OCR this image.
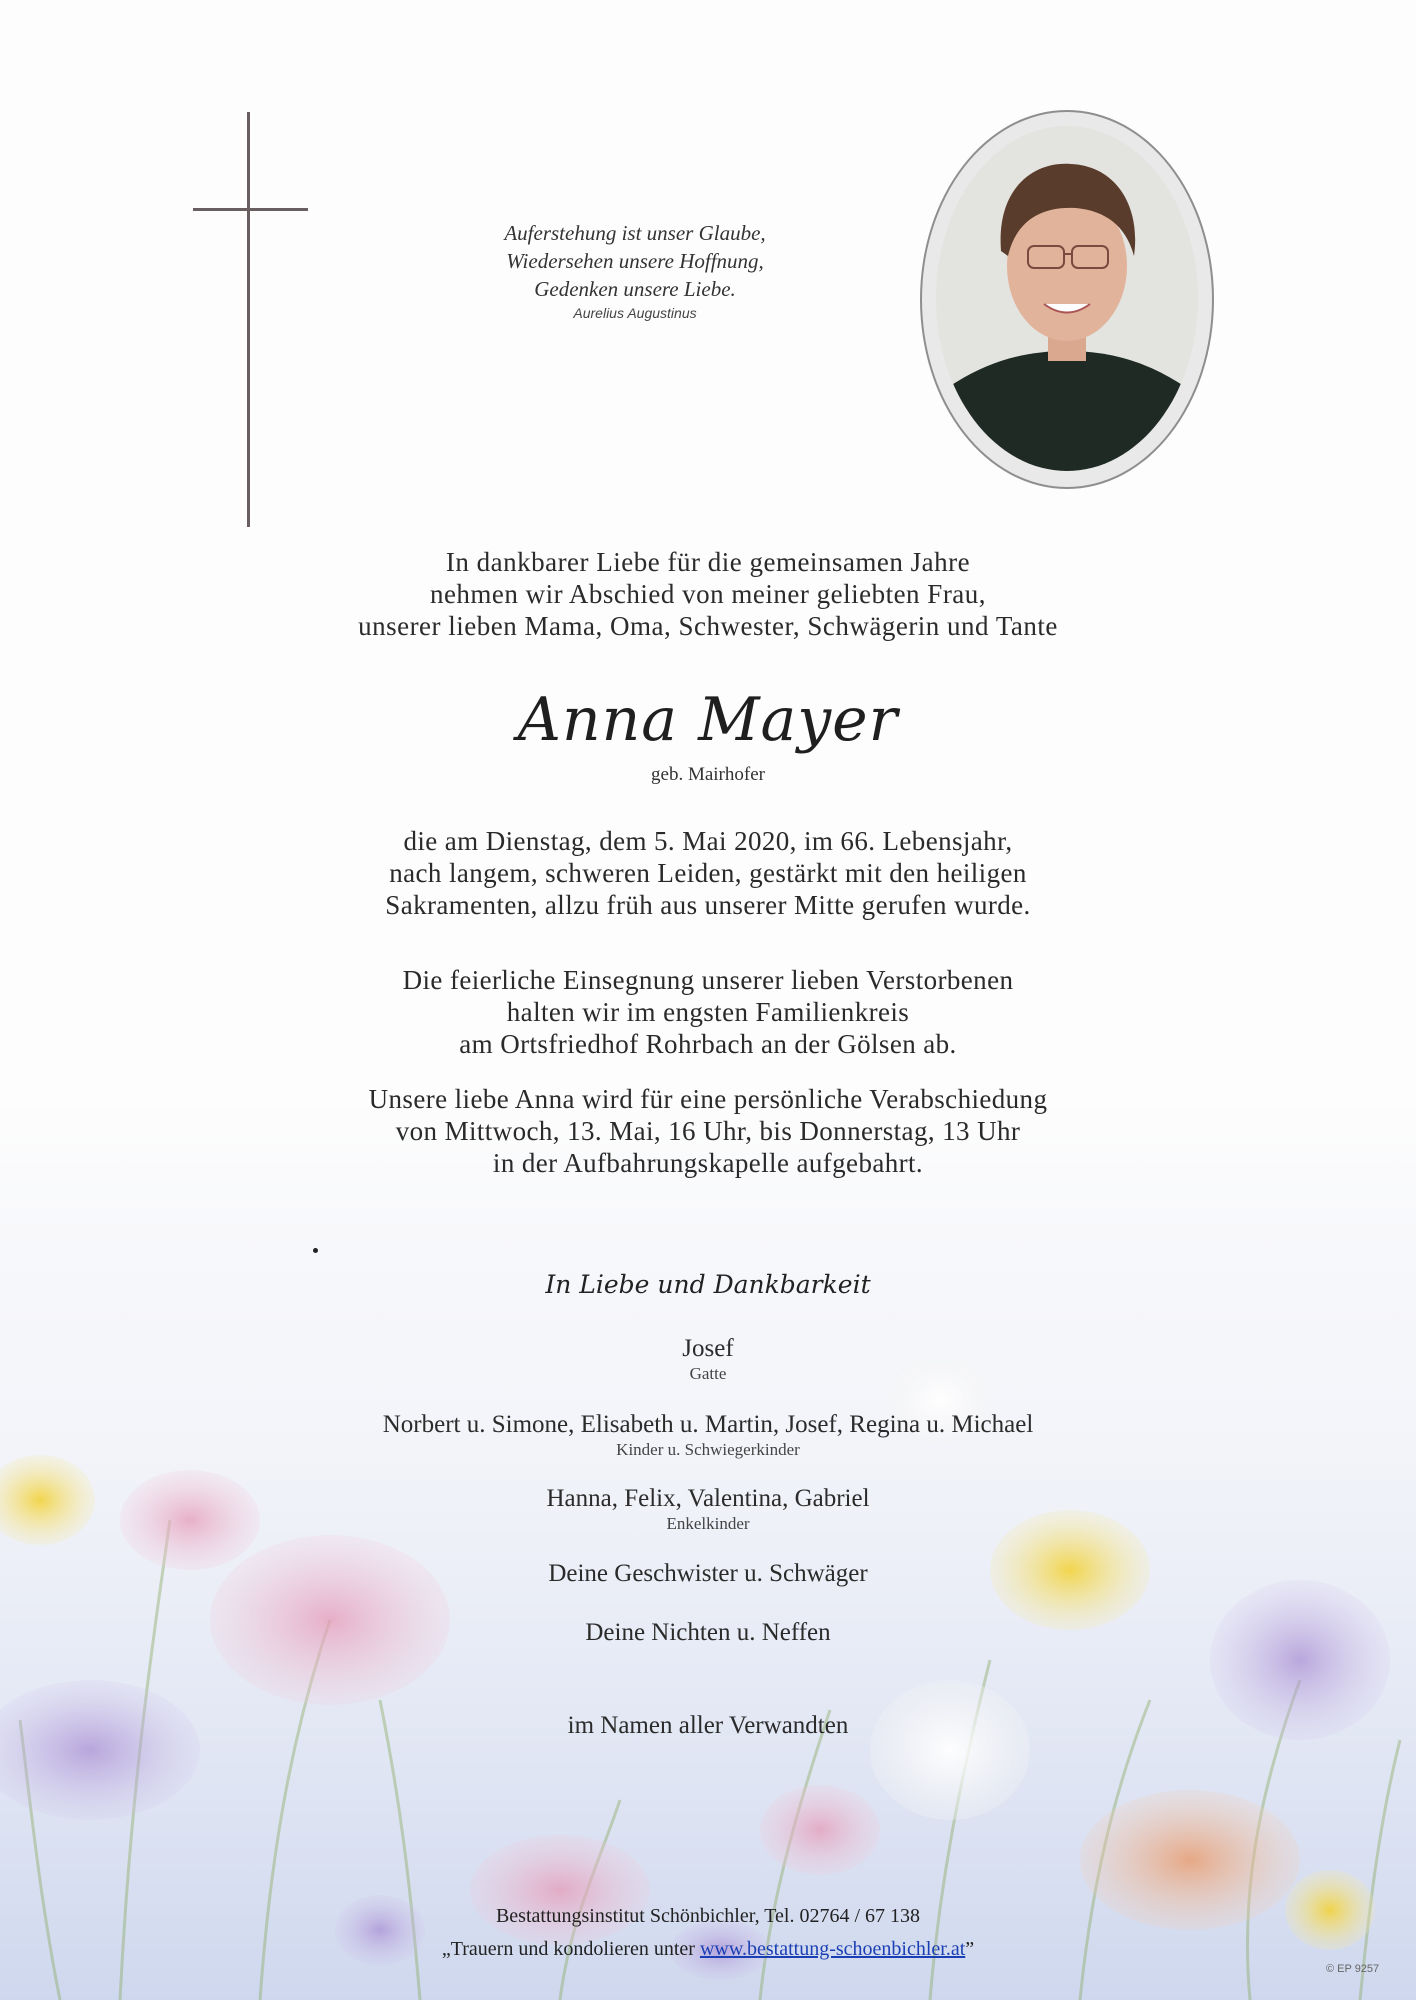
Auferstehung ist unser Glaube,
Wiedersehen unsere Hoffnung,
Gedenken unsere Liebe.
Aurelius Augustinus
In dankbarer Liebe für die gemeinsamen Jahre
nehmen wir Abschied von meiner geliebten Frau,
unserer lieben Mama, Oma, Schwester, Schwägerin und Tante
Anna Mayer
geb. Mairhofer
die am Dienstag, dem 5. Mai 2020, im 66. Lebensjahr,
nach langem, schweren Leiden, gestärkt mit den heiligen
Sakramenten, allzu früh aus unserer Mitte gerufen wurde.
Die feierliche Einsegnung unserer lieben Verstorbenen
halten wir im engsten Familienkreis
am Ortsfriedhof Rohrbach an der Gölsen ab.
Unsere liebe Anna wird für eine persönliche Verabschiedung
von Mittwoch, 13. Mai, 16 Uhr, bis Donnerstag, 13 Uhr
in der Aufbahrungskapelle aufgebahrt.
In Liebe und Dankbarkeit
Josef
Gatte
Norbert u. Simone, Elisabeth u. Martin, Josef, Regina u. Michael
Kinder u. Schwiegerkinder
Hanna, Felix, Valentina, Gabriel
Enkelkinder
Deine Geschwister u. Schwäger
Deine Nichten u. Neffen
im Namen aller Verwandten
Bestattungsinstitut Schönbichler, Tel. 02764 / 67 138
„Trauern und kondolieren unter www.bestattung-schoenbichler.at”
© EP 9257
